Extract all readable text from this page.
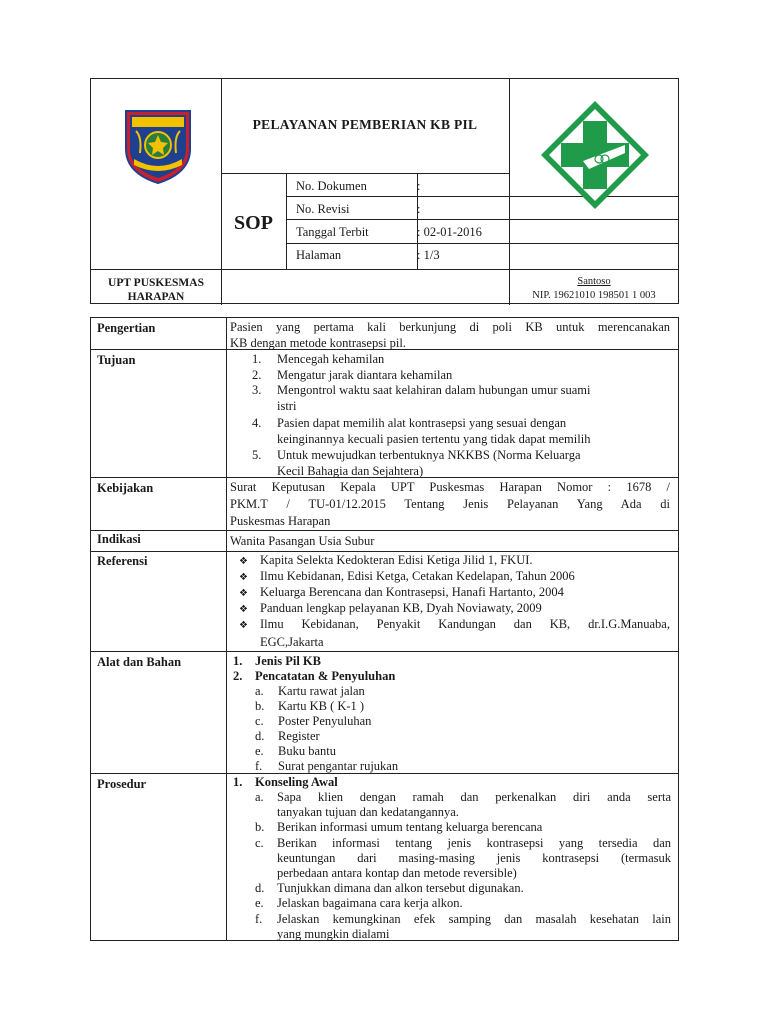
PELAYANAN PEMBERIAN KB PIL
SOP
No. Dokumen	:
No. Revisi	:
Tanggal Terbit	: 02-01-2016
Halaman	: 1/3
UPT PUSKESMAS
HARAPAN
Santoso
NIP. 19621010 198501 1 003
Pengertian	Pasien yang pertama kali berkunjung di poli KB untuk merencanakan
KB dengan metode kontrasepsi pil.
Tujuan	1. Mencegah kehamilan
2. Mengatur jarak diantara kehamilan
3. Mengontrol waktu saat kelahiran dalam hubungan umur suami
istri
4. Pasien dapat memilih alat kontrasepsi yang sesuai dengan
keinginannya kecuali pasien tertentu yang tidak dapat memilih
5. Untuk mewujudkan terbentuknya NKKBS (Norma Keluarga
Kecil Bahagia dan Sejahtera)
Kebijakan	Surat Keputusan Kepala UPT Puskesmas Harapan Nomor : 1678 /
PKM.T / TU-01/12.2015 Tentang Jenis Pelayanan Yang Ada di
Puskesmas Harapan
Indikasi	Wanita Pasangan Usia Subur
Referensi	❖ Kapita Selekta Kedokteran Edisi Ketiga Jilid 1, FKUI.
❖ Ilmu Kebidanan, Edisi Ketga, Cetakan Kedelapan, Tahun 2006
❖ Keluarga Berencana dan Kontrasepsi, Hanafi Hartanto, 2004
❖ Panduan lengkap pelayanan KB, Dyah Noviawaty, 2009
❖ Ilmu Kebidanan, Penyakit Kandungan dan KB, dr.I.G.Manuaba,
EGC,Jakarta
Alat dan Bahan	1. Jenis Pil KB
2. Pencatatan & Penyuluhan
a. Kartu rawat jalan
b. Kartu KB ( K-1 )
c. Poster Penyuluhan
d. Register
e. Buku bantu
f. Surat pengantar rujukan
Prosedur	1. Konseling Awal
a. Sapa klien dengan ramah dan perkenalkan diri anda serta
tanyakan tujuan dan kedatangannya.
b. Berikan informasi umum tentang keluarga berencana
c. Berikan informasi tentang jenis kontrasepsi yang tersedia dan
keuntungan dari masing-masing jenis kontrasepsi (termasuk
perbedaan antara kontap dan metode reversible)
d. Tunjukkan dimana dan alkon tersebut digunakan.
e. Jelaskan bagaimana cara kerja alkon.
f. Jelaskan kemungkinan efek samping dan masalah kesehatan lain
yang mungkin dialami
